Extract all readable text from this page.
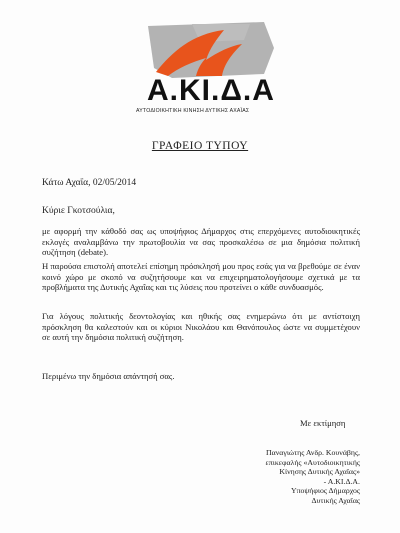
Α.ΚΙ.Δ.Α
ΑΥΤΟΔΙΟΙΚΗΤΙΚΗ ΚΙΝΗΣΗ ΔΥΤΙΚΗΣ ΑΧΑΪΑΣ
ΓΡΑΦΕΙΟ ΤΥΠΟΥ
Κάτω Αχαΐα, 02/05/2014
Κύριε Γκοτσούλια,
με αφορμή την κάθοδό σας ως υποψήφιος Δήμαρχος στις επερχόμενες αυτοδιοικητικές εκλογές αναλαμβάνω την πρωτοβουλία να σας προσκαλέσω σε μια δημόσια πολιτική συζήτηση (debate).
Η παρούσα επιστολή αποτελεί επίσημη πρόσκλησή μου προς εσάς για να βρεθούμε σε έναν κοινό χώρο με σκοπό να συζητήσουμε και να επιχειρηματολογήσουμε σχετικά με τα προβλήματα της Δυτικής Αχαΐας και τις λύσεις που προτείνει ο κάθε συνδυασμός.
Για λόγους πολιτικής δεοντολογίας και ηθικής σας ενημερώνω ότι με αντίστοιχη πρόσκληση θα καλεστούν και οι κύριοι Νικολάου και Θανόπουλος ώστε να συμμετέχουν σε αυτή την δημόσια πολιτική συζήτηση.
Περιμένω την δημόσια απάντησή σας.
Με εκτίμηση
Παναγιώτης Ανδρ. Κουνάβης,
επικεφαλής «Αυτοδιοικητικής
Κίνησης Δυτικής Αχαΐας»
- Α.ΚΙ.Δ.Α.
Υποψήφιος Δήμαρχος
Δυτικής Αχαΐας
